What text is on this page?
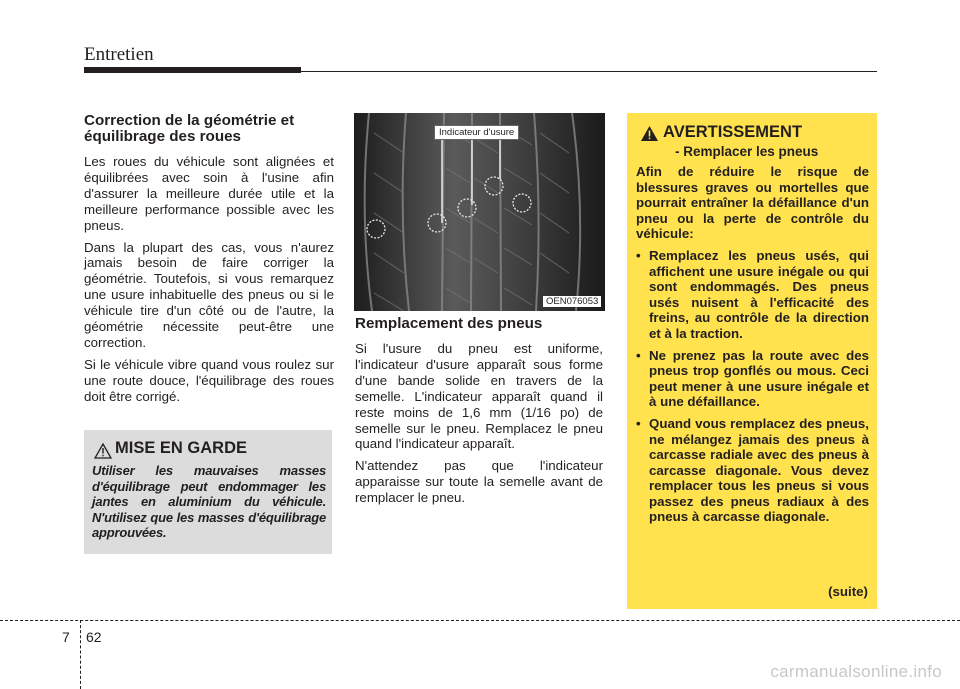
Entretien
Correction de la géométrie et équilibrage des roues

Les roues du véhicule sont alignées et équilibrées avec soin à l'usine afin d'assurer la meilleure durée utile et la meilleure performance possible avec les pneus.

Dans la plupart des cas, vous n'aurez jamais besoin de faire corriger la géométrie. Toutefois, si vous remarquez une usure inhabituelle des pneus ou si le véhicule tire d'un côté ou de l'autre, la géométrie nécessite peut-être une correction.

Si le véhicule vibre quand vous roulez sur une route douce, l'équilibrage des roues doit être corrigé.

MISE EN GARDE
Utiliser les mauvaises masses d'équilibrage peut endommager les jantes en aluminium du véhicule. N'utilisez que les masses d'équilibrage approuvées.
Indicateur d'usure
OEN076053
Remplacement des pneus

Si l'usure du pneu est uniforme, l'indicateur d'usure apparaît sous forme d'une bande solide en travers de la semelle. L'indicateur apparaît quand il reste moins de 1,6 mm (1/16 po) de semelle sur le pneu. Remplacez le pneu quand l'indicateur apparaît.

N'attendez pas que l'indicateur apparaisse sur toute la semelle avant de remplacer le pneu.

AVERTISSEMENT
- Remplacer les pneus

Afin de réduire le risque de blessures graves ou mortelles que pourrait entraîner la défaillance d'un pneu ou la perte de contrôle du véhicule:

• Remplacez les pneus usés, qui affichent une usure inégale ou qui sont endommagés. Des pneus usés nuisent à l'efficacité des freins, au contrôle de la direction et à la traction.
• Ne prenez pas la route avec des pneus trop gonflés ou mous. Ceci peut mener à une usure inégale et à une défaillance.
• Quand vous remplacez des pneus, ne mélangez jamais des pneus à carcasse radiale avec des pneus à carcasse diagonale. Vous devez remplacer tous les pneus si vous passez des pneus radiaux à des pneus à carcasse diagonale.
(suite)
7 62
carmanualsonline.info
